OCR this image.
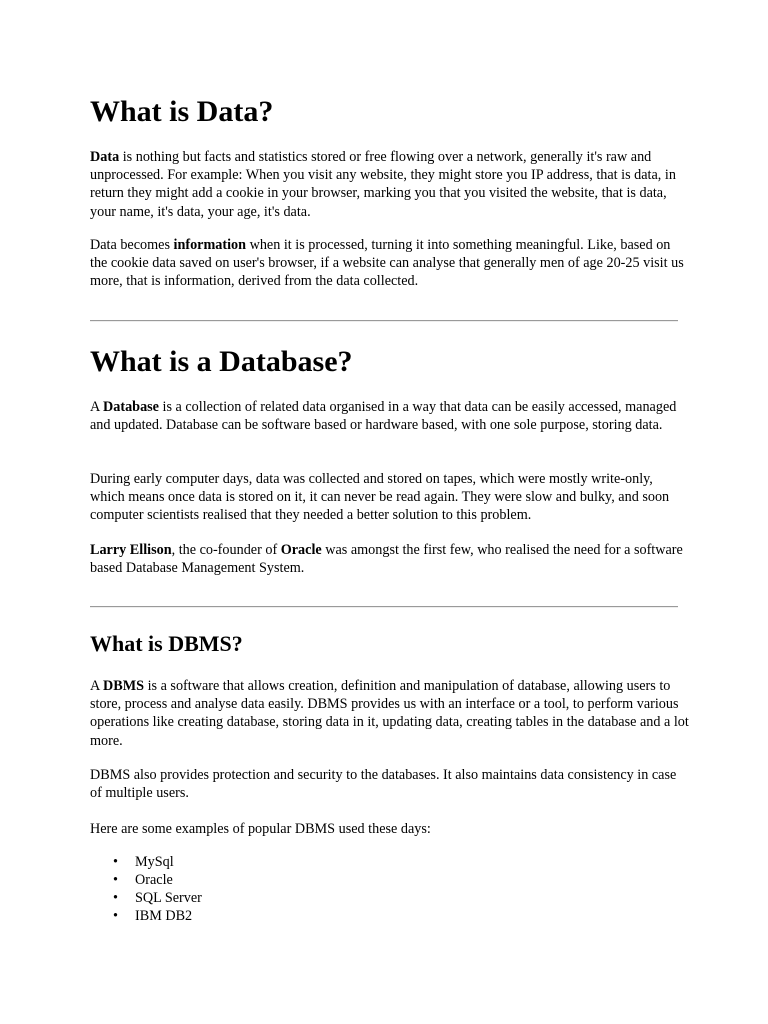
What is Data?

Data is nothing but facts and statistics stored or free flowing over a network, generally it's raw and unprocessed. For example: When you visit any website, they might store you IP address, that is data, in return they might add a cookie in your browser, marking you that you visited the website, that is data, your name, it's data, your age, it's data.

Data becomes information when it is processed, turning it into something meaningful. Like, based on the cookie data saved on user's browser, if a website can analyse that generally men of age 20-25 visit us more, that is information, derived from the data collected.

What is a Database?

A Database is a collection of related data organised in a way that data can be easily accessed, managed and updated. Database can be software based or hardware based, with one sole purpose, storing data.

During early computer days, data was collected and stored on tapes, which were mostly write-only, which means once data is stored on it, it can never be read again. They were slow and bulky, and soon computer scientists realised that they needed a better solution to this problem.

Larry Ellison, the co-founder of Oracle was amongst the first few, who realised the need for a software based Database Management System.

What is DBMS?

A DBMS is a software that allows creation, definition and manipulation of database, allowing users to store, process and analyse data easily. DBMS provides us with an interface or a tool, to perform various operations like creating database, storing data in it, updating data, creating tables in the database and a lot more.

DBMS also provides protection and security to the databases. It also maintains data consistency in case of multiple users.

Here are some examples of popular DBMS used these days:

• MySql
• Oracle
• SQL Server
• IBM DB2
